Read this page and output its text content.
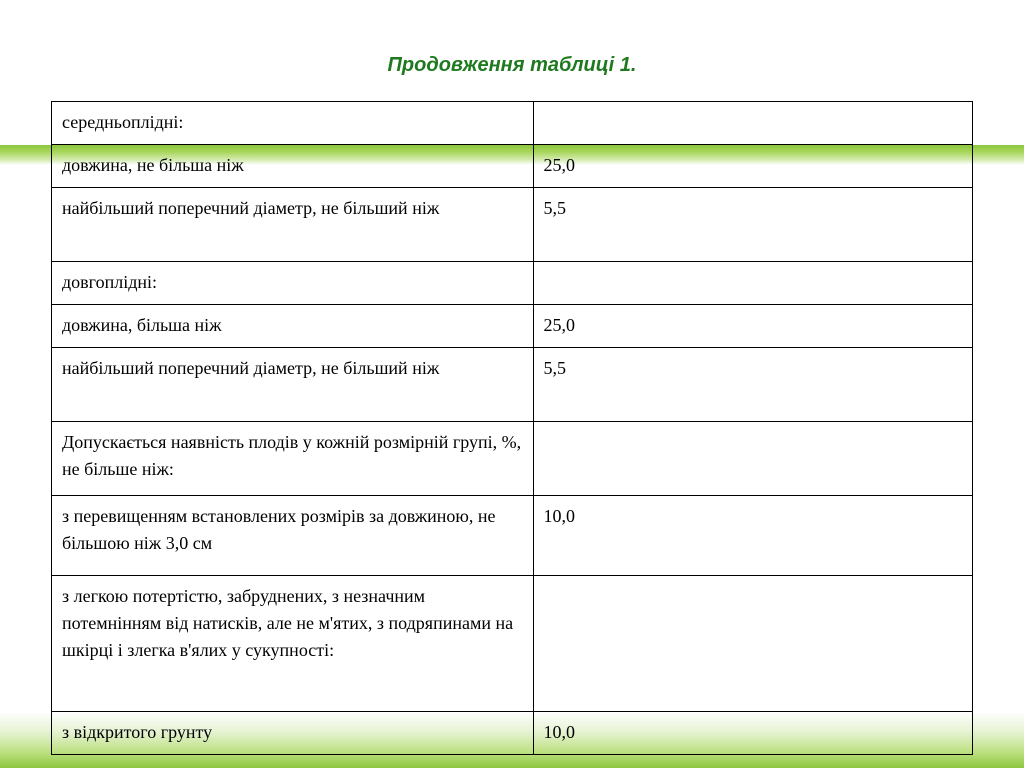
Продовження таблиці 1.
середньоплідні:	
довжина, не більша ніж	25,0
найбільший поперечний діаметр, не більший ніж	5,5
довгоплідні:	
довжина, більша ніж	25,0
найбільший поперечний діаметр, не більший ніж	5,5
Допускається наявність плодів у кожній розмірній групі, %, не більше ніж:	
з перевищенням встановлених розмірів за довжиною, не більшою ніж 3,0 см	10,0
з легкою потертістю, забруднених, з незначним потемнінням від натисків, але не м'ятих, з подряпинами на шкірці і злегка в'ялих у сукупності:	
з відкритого грунту	10,0
